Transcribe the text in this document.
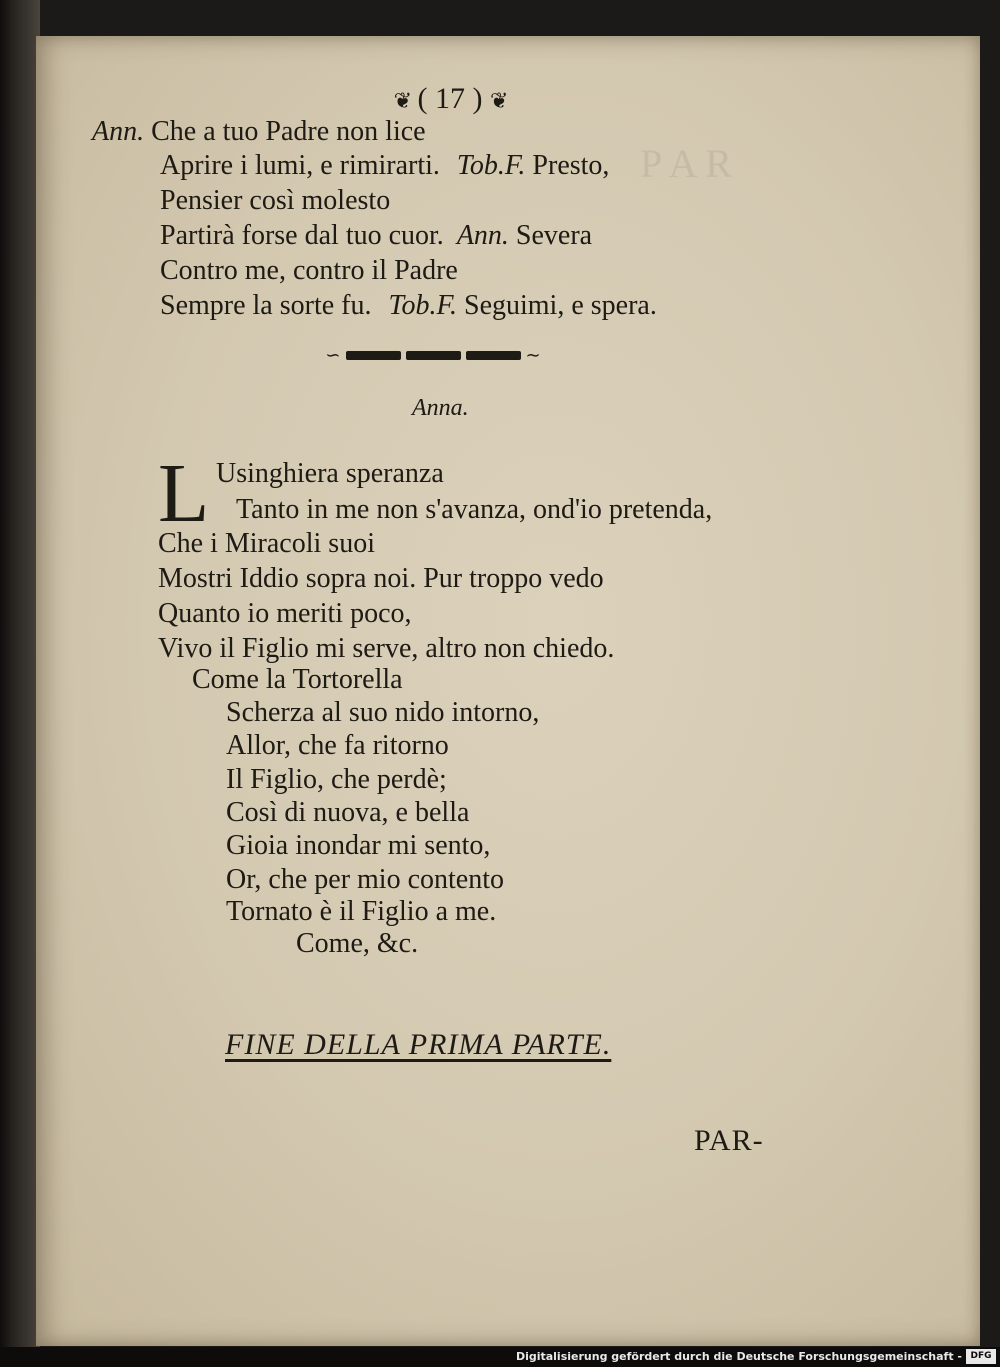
P A R
❦ ( 17 ) ❦
Ann. Che a tuo Padre non lice
Aprire i lumi, e rimirarti. Tob.F. Presto,
Pensier così molesto
Partirà forse dal tuo cuor. Ann. Severa
Contro me, contro il Padre
Sempre la sorte fu. Tob.F. Seguimi, e spera.
∽	∼
Anna.
L Usinghiera speranza
Tanto in me non s'avanza, ond'io pretenda,
Che i Miracoli suoi
Mostri Iddio sopra noi. Pur troppo vedo
Quanto io meriti poco,
Vivo il Figlio mi serve, altro non chiedo.
Come la Tortorella
Scherza al suo nido intorno,
Allor, che fa ritorno
Il Figlio, che perdè;
Così di nuova, e bella
Gioia inondar mi sento,
Or, che per mio contento
Tornato è il Figlio a me.
Come, &c.
FINE DELLA PRIMA PARTE.
PAR-
Digitalisierung gefördert durch die Deutsche Forschungsgemeinschaft - DFG
